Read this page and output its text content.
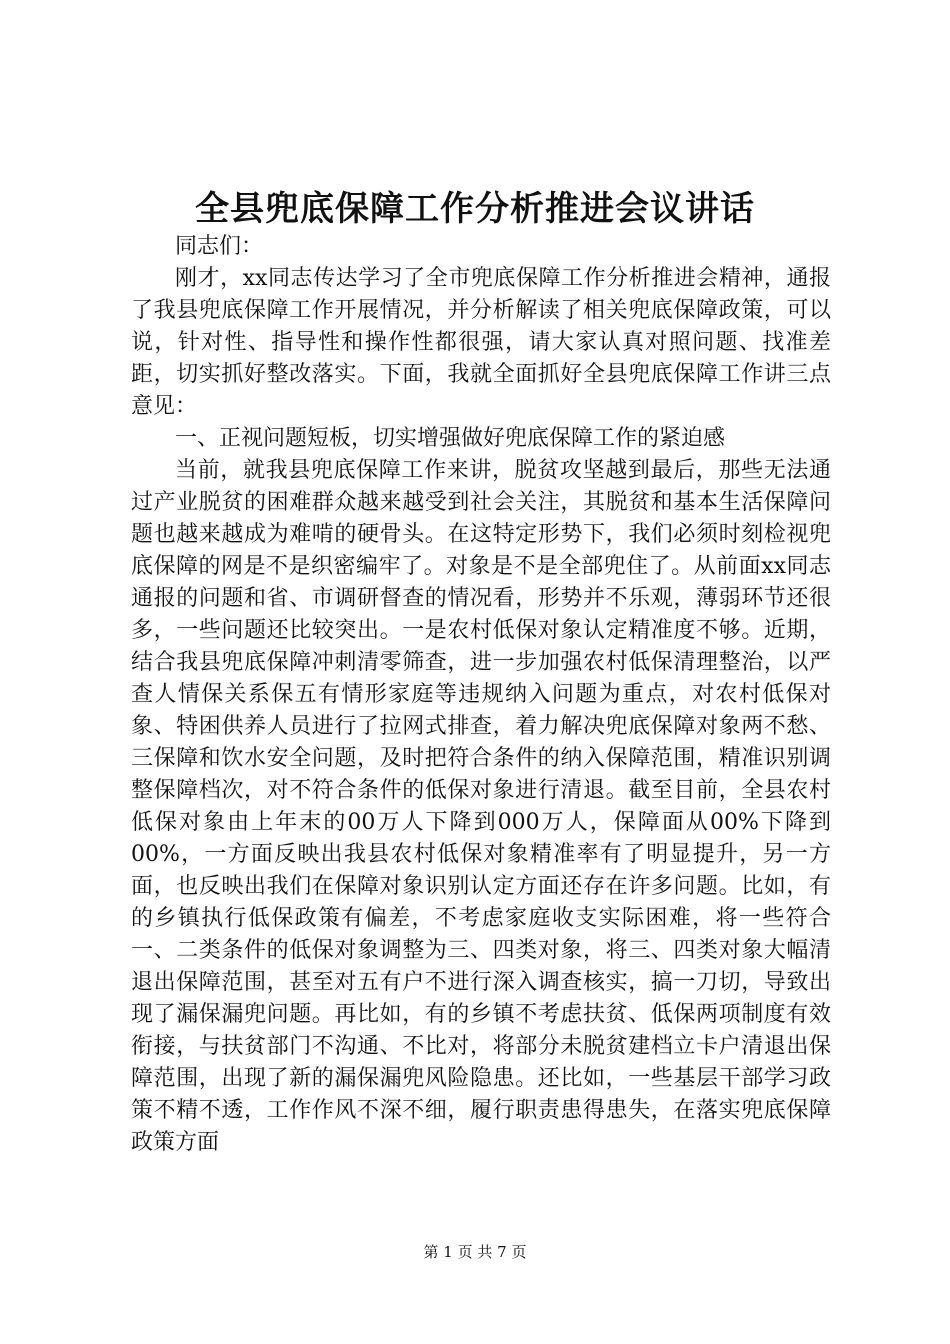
全县兜底保障工作分析推进会议讲话

同志们：

刚才，xx同志传达学习了全市兜底保障工作分析推进会精神，通报了我县兜底保障工作开展情况，并分析解读了相关兜底保障政策，可以说，针对性、指导性和操作性都很强，请大家认真对照问题、找准差距，切实抓好整改落实。下面，我就全面抓好全县兜底保障工作讲三点意见：

一、正视问题短板，切实增强做好兜底保障工作的紧迫感

当前，就我县兜底保障工作来讲，脱贫攻坚越到最后，那些无法通过产业脱贫的困难群众越来越受到社会关注，其脱贫和基本生活保障问题也越来越成为难啃的硬骨头。在这特定形势下，我们必须时刻检视兜底保障的网是不是织密编牢了。对象是不是全部兜住了。从前面xx同志通报的问题和省、市调研督查的情况看，形势并不乐观，薄弱环节还很多，一些问题还比较突出。一是农村低保对象认定精准度不够。近期，结合我县兜底保障冲刺清零筛查，进一步加强农村低保清理整治，以严查人情保关系保五有情形家庭等违规纳入问题为重点，对农村低保对象、特困供养人员进行了拉网式排查，着力解决兜底保障对象两不愁、三保障和饮水安全问题，及时把符合条件的纳入保障范围，精准识别调整保障档次，对不符合条件的低保对象进行清退。截至目前，全县农村低保对象由上年末的00万人下降到000万人，保障面从00%下降到00%，一方面反映出我县农村低保对象精准率有了明显提升，另一方面，也反映出我们在保障对象识别认定方面还存在许多问题。比如，有的乡镇执行低保政策有偏差，不考虑家庭收支实际困难，将一些符合一、二类条件的低保对象调整为三、四类对象，将三、四类对象大幅清退出保障范围，甚至对五有户不进行深入调查核实，搞一刀切，导致出现了漏保漏兜问题。再比如，有的乡镇不考虑扶贫、低保两项制度有效衔接，与扶贫部门不沟通、不比对，将部分未脱贫建档立卡户清退出保障范围，出现了新的漏保漏兜风险隐患。还比如，一些基层干部学习政策不精不透，工作作风不深不细，履行职责患得患失，在落实兜底保障政策方面

第 1 页 共 7 页
